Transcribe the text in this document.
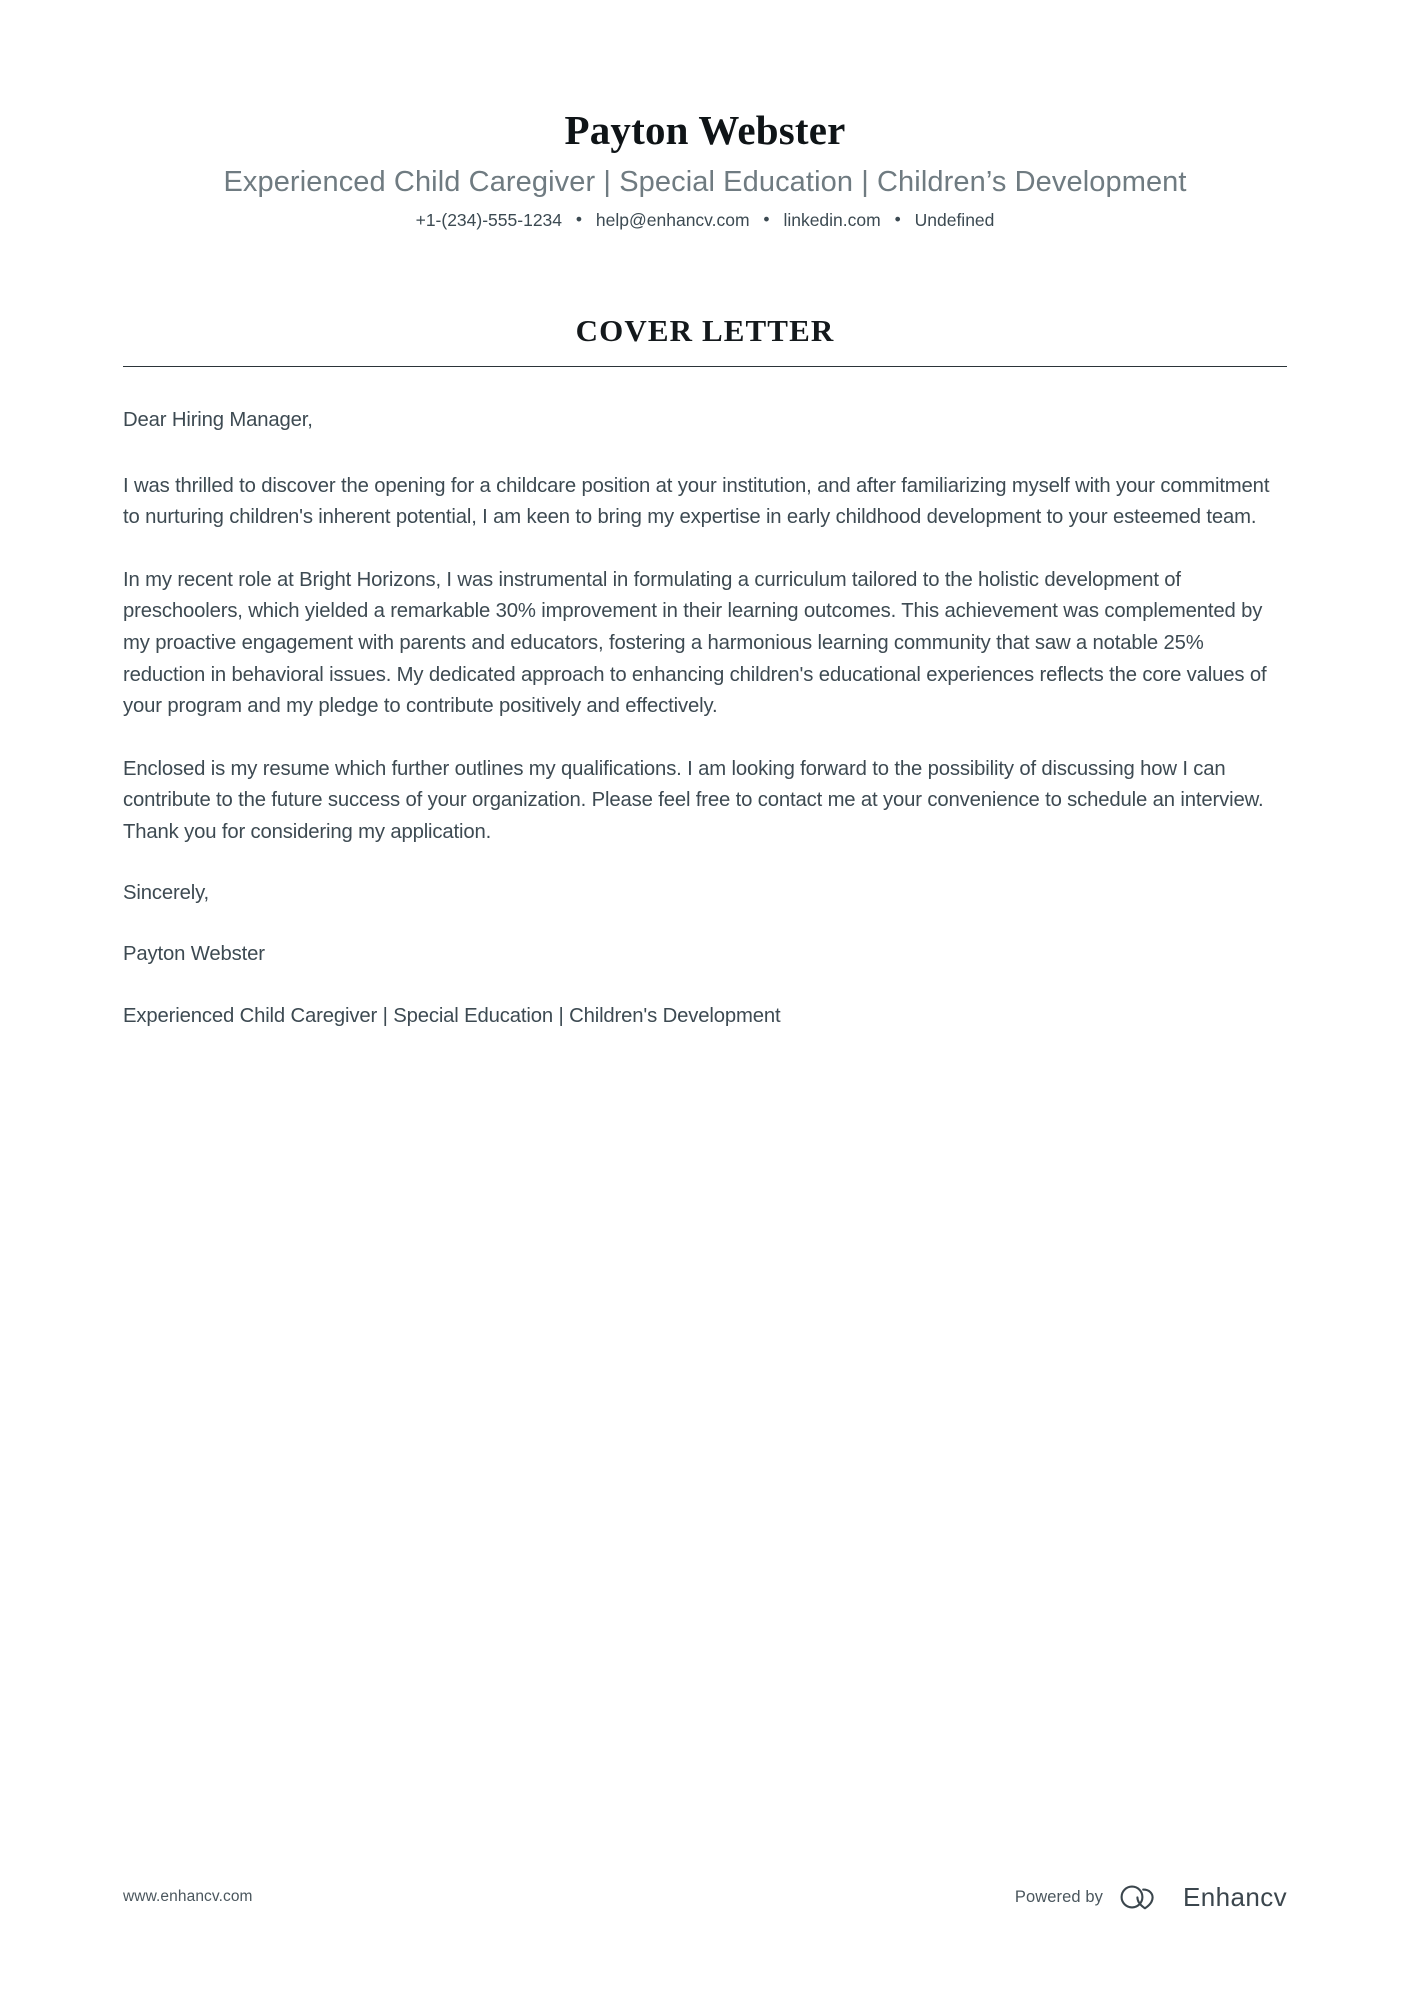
Payton Webster
Experienced Child Caregiver | Special Education | Children’s Development
+1-(234)-555-1234 • help@enhancv.com • linkedin.com • Undefined
COVER LETTER

Dear Hiring Manager,

I was thrilled to discover the opening for a childcare position at your institution, and after familiarizing myself with your commitment to nurturing children's inherent potential, I am keen to bring my expertise in early childhood development to your esteemed team.

In my recent role at Bright Horizons, I was instrumental in formulating a curriculum tailored to the holistic development of preschoolers, which yielded a remarkable 30% improvement in their learning outcomes. This achievement was complemented by my proactive engagement with parents and educators, fostering a harmonious learning community that saw a notable 25% reduction in behavioral issues. My dedicated approach to enhancing children's educational experiences reflects the core values of your program and my pledge to contribute positively and effectively.

Enclosed is my resume which further outlines my qualifications. I am looking forward to the possibility of discussing how I can contribute to the future success of your organization. Please feel free to contact me at your convenience to schedule an interview. Thank you for considering my application.

Sincerely,

Payton Webster

Experienced Child Caregiver | Special Education | Children's Development

www.enhancv.com	Powered by	Enhancv
